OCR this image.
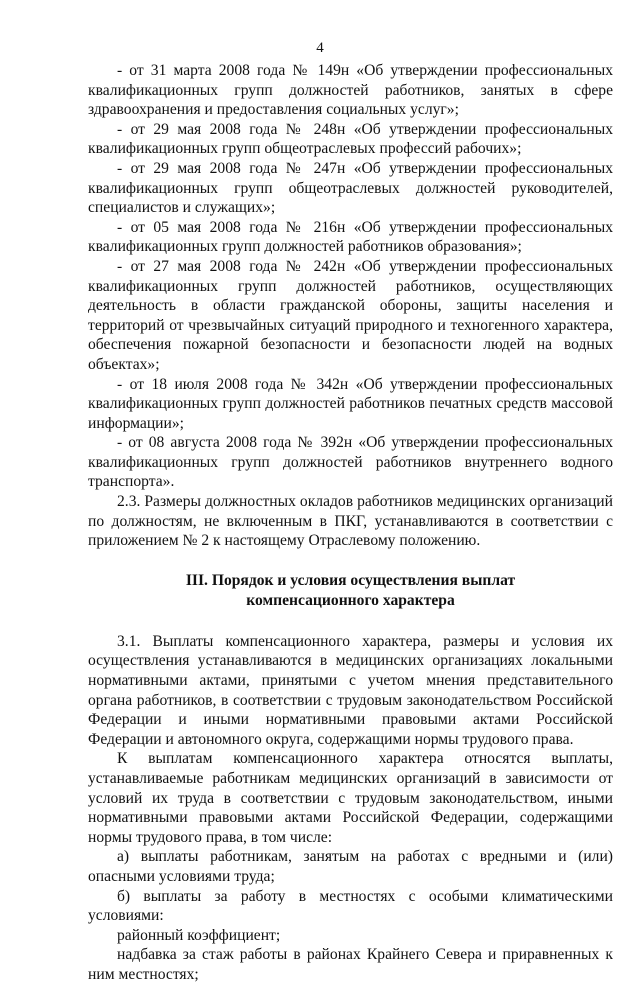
4

- от 31 марта 2008 года № 149н «Об утверждении профессиональных квалификационных групп должностей работников, занятых в сфере здравоохранения и предоставления социальных услуг»;

- от 29 мая 2008 года № 248н «Об утверждении профессиональных квалификационных групп общеотраслевых профессий рабочих»;

- от 29 мая 2008 года № 247н «Об утверждении профессиональных квалификационных групп общеотраслевых должностей руководителей, специалистов и служащих»;

- от 05 мая 2008 года № 216н «Об утверждении профессиональных квалификационных групп должностей работников образования»;

- от 27 мая 2008 года № 242н «Об утверждении профессиональных квалификационных групп должностей работников, осуществляющих деятельность в области гражданской обороны, защиты населения и территорий от чрезвычайных ситуаций природного и техногенного характера, обеспечения пожарной безопасности и безопасности людей на водных объектах»;

- от 18 июля 2008 года № 342н «Об утверждении профессиональных квалификационных групп должностей работников печатных средств массовой информации»;

- от 08 августа 2008 года № 392н «Об утверждении профессиональных квалификационных групп должностей работников внутреннего водного транспорта».

2.3. Размеры должностных окладов работников медицинских организаций по должностям, не включенным в ПКГ, устанавливаются в соответствии с приложением № 2 к настоящему Отраслевому положению.

III. Порядок и условия осуществления выплат
компенсационного характера

3.1. Выплаты компенсационного характера, размеры и условия их осуществления устанавливаются в медицинских организациях локальными нормативными актами, принятыми с учетом мнения представительного органа работников, в соответствии с трудовым законодательством Российской Федерации и иными нормативными правовыми актами Российской Федерации и автономного округа, содержащими нормы трудового права.

К выплатам компенсационного характера относятся выплаты, устанавливаемые работникам медицинских организаций в зависимости от условий их труда в соответствии с трудовым законодательством, иными нормативными правовыми актами Российской Федерации, содержащими нормы трудового права, в том числе:

а) выплаты работникам, занятым на работах с вредными и (или) опасными условиями труда;

б) выплаты за работу в местностях с особыми климатическими условиями:

районный коэффициент;

надбавка за стаж работы в районах Крайнего Севера и приравненных к ним местностях;
